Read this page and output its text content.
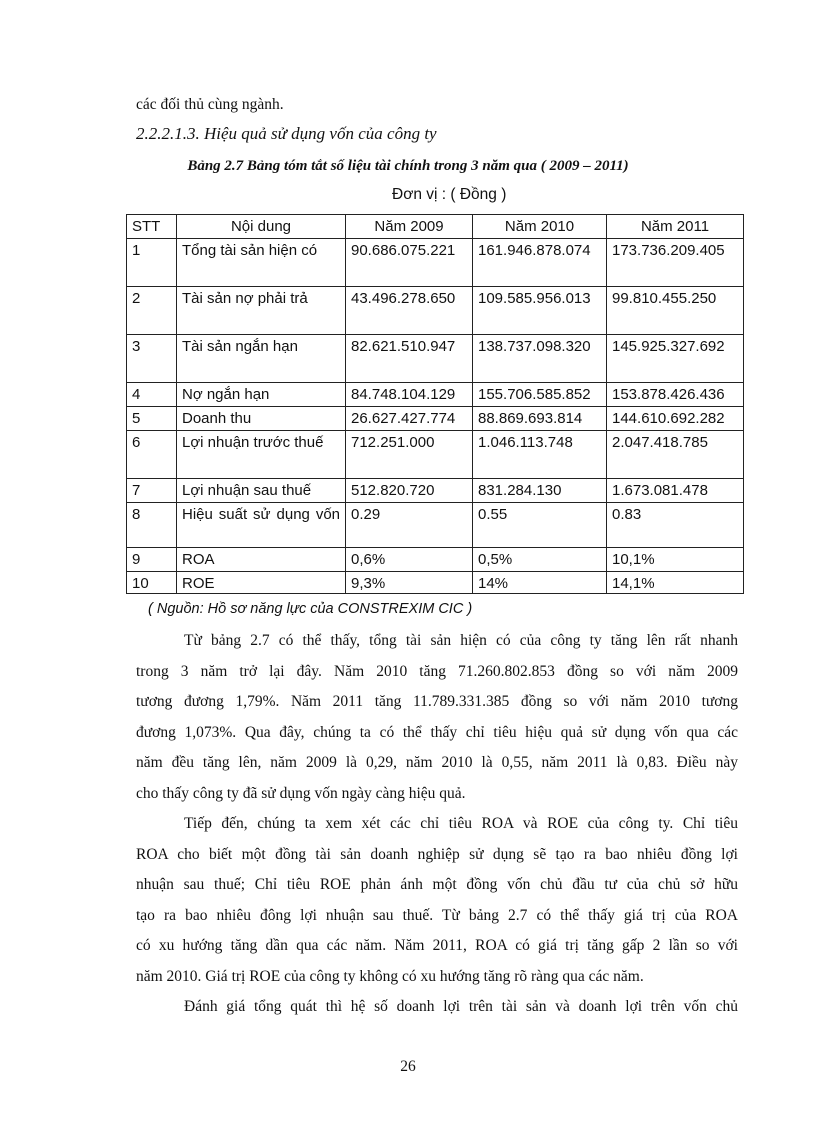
các đối thủ cùng ngành.
2.2.2.1.3. Hiệu quả sử dụng vốn của công ty
Bảng 2.7 Bảng tóm tắt số liệu tài chính trong 3 năm qua ( 2009 – 2011)
Đơn vị : ( Đồng )
STT	Nội dung	Năm 2009	Năm 2010	Năm 2011
1	Tổng tài sản hiện có	90.686.075.221	161.946.878.074	173.736.209.405
2	Tài sản nợ phải trả	43.496.278.650	109.585.956.013	99.810.455.250
3	Tài sản ngắn hạn	82.621.510.947	138.737.098.320	145.925.327.692
4	Nợ ngắn hạn	84.748.104.129	155.706.585.852	153.878.426.436
5	Doanh thu	26.627.427.774	88.869.693.814	144.610.692.282
6	Lợi nhuận trước thuế	712.251.000	1.046.113.748	2.047.418.785
7	Lợi nhuận sau thuế	512.820.720	831.284.130	1.673.081.478
8	Hiệu suất sử dụng vốn	0.29	0.55	0.83
9	ROA	0,6%	0,5%	10,1%
10	ROE	9,3%	14%	14,1%
( Nguồn: Hồ sơ năng lực của CONSTREXIM CIC )
Từ bảng 2.7 có thể thấy, tổng tài sản hiện có của công ty tăng lên rất nhanh
trong 3 năm trở lại đây. Năm 2010 tăng 71.260.802.853 đồng so với năm 2009
tương đương 1,79%. Năm 2011 tăng 11.789.331.385 đồng so với năm 2010 tương
đương 1,073%. Qua đây, chúng ta có thể thấy chỉ tiêu hiệu quả sử dụng vốn qua các
năm đều tăng lên, năm 2009 là 0,29, năm 2010 là 0,55, năm 2011 là 0,83. Điều này
cho thấy công ty đã sử dụng vốn ngày càng hiệu quả.
Tiếp đến, chúng ta xem xét các chỉ tiêu ROA và ROE của công ty. Chỉ tiêu
ROA cho biết một đồng tài sản doanh nghiệp sử dụng sẽ tạo ra bao nhiêu đồng lợi
nhuận sau thuế; Chỉ tiêu ROE phản ánh một đồng vốn chủ đầu tư của chủ sở hữu
tạo ra bao nhiêu đông lợi nhuận sau thuế. Từ bảng 2.7 có thể thấy giá trị của ROA
có xu hướng tăng dần qua các năm. Năm 2011, ROA có giá trị tăng gấp 2 lần so với
năm 2010. Giá trị ROE của công ty không có xu hướng tăng rõ ràng qua các năm.
Đánh giá tổng quát thì hệ số doanh lợi trên tài sản và doanh lợi trên vốn chủ
26
